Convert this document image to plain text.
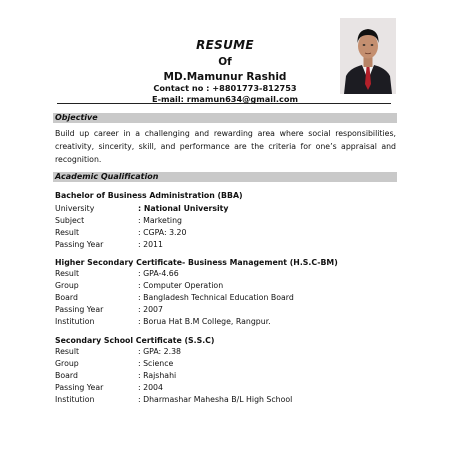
RESUME
Of
MD.Mamunur Rashid
Contact no : +8801773-812753
E-mail: rmamun634@gmail.com
Objective
Build up career in a challenging and rewarding area where social responsibilities, creativity, sincerity, skill, and performance are the criteria for one’s appraisal and recognition.
Academic Qualification
Bachelor of Business Administration (BBA)
University	: National University
Subject	: Marketing
Result	: CGPA: 3.20
Passing Year	: 2011
Higher Secondary Certificate- Business Management (H.S.C-BM)
Result	: GPA-4.66
Group	: Computer Operation
Board	: Bangladesh Technical Education Board
Passing Year	: 2007
Institution	: Borua Hat B.M College, Rangpur.
Secondary School Certificate (S.S.C)
Result	: GPA: 2.38
Group	: Science
Board	: Rajshahi
Passing Year	: 2004
Institution	: Dharmashar Mahesha B/L High School
